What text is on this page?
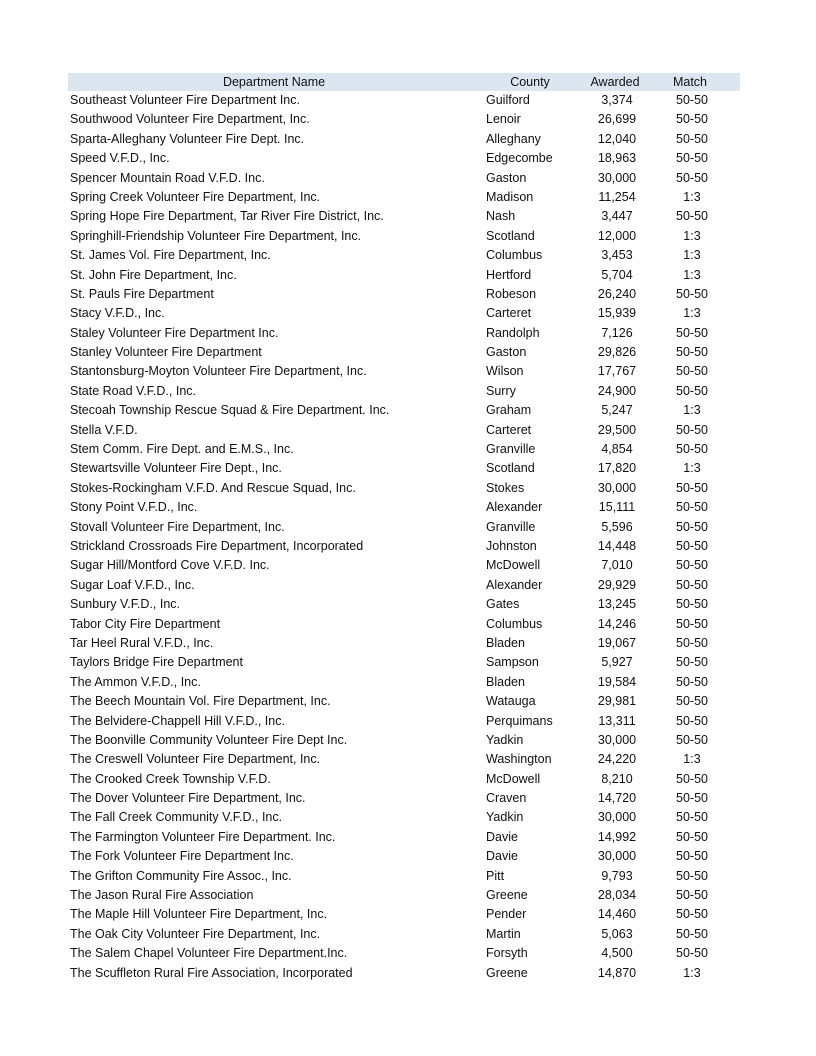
Department Name	County	Awarded	Match
Southeast Volunteer Fire Department Inc.	Guilford	3,374	50-50
Southwood Volunteer Fire Department, Inc.	Lenoir	26,699	50-50
Sparta-Alleghany Volunteer Fire Dept. Inc.	Alleghany	12,040	50-50
Speed V.F.D., Inc.	Edgecombe	18,963	50-50
Spencer Mountain Road V.F.D. Inc.	Gaston	30,000	50-50
Spring Creek Volunteer Fire Department, Inc.	Madison	11,254	1:3
Spring Hope Fire Department, Tar River Fire District, Inc.	Nash	3,447	50-50
Springhill-Friendship Volunteer Fire Department, Inc.	Scotland	12,000	1:3
St. James Vol. Fire Department, Inc.	Columbus	3,453	1:3
St. John Fire Department, Inc.	Hertford	5,704	1:3
St. Pauls Fire Department	Robeson	26,240	50-50
Stacy V.F.D., Inc.	Carteret	15,939	1:3
Staley Volunteer Fire Department Inc.	Randolph	7,126	50-50
Stanley Volunteer Fire Department	Gaston	29,826	50-50
Stantonsburg-Moyton Volunteer Fire Department, Inc.	Wilson	17,767	50-50
State Road V.F.D., Inc.	Surry	24,900	50-50
Stecoah Township Rescue Squad & Fire Department. Inc.	Graham	5,247	1:3
Stella V.F.D.	Carteret	29,500	50-50
Stem Comm. Fire Dept. and E.M.S., Inc.	Granville	4,854	50-50
Stewartsville Volunteer Fire Dept., Inc.	Scotland	17,820	1:3
Stokes-Rockingham V.F.D. And Rescue Squad, Inc.	Stokes	30,000	50-50
Stony Point V.F.D., Inc.	Alexander	15,111	50-50
Stovall Volunteer Fire Department, Inc.	Granville	5,596	50-50
Strickland Crossroads Fire Department, Incorporated	Johnston	14,448	50-50
Sugar Hill/Montford Cove V.F.D. Inc.	McDowell	7,010	50-50
Sugar Loaf V.F.D., Inc.	Alexander	29,929	50-50
Sunbury V.F.D., Inc.	Gates	13,245	50-50
Tabor City Fire Department	Columbus	14,246	50-50
Tar Heel Rural V.F.D., Inc.	Bladen	19,067	50-50
Taylors Bridge Fire Department	Sampson	5,927	50-50
The Ammon V.F.D., Inc.	Bladen	19,584	50-50
The Beech Mountain Vol. Fire Department, Inc.	Watauga	29,981	50-50
The Belvidere-Chappell Hill V.F.D., Inc.	Perquimans	13,311	50-50
The Boonville Community Volunteer Fire Dept Inc.	Yadkin	30,000	50-50
The Creswell Volunteer Fire Department, Inc.	Washington	24,220	1:3
The Crooked Creek Township V.F.D.	McDowell	8,210	50-50
The Dover Volunteer Fire Department, Inc.	Craven	14,720	50-50
The Fall Creek Community V.F.D., Inc.	Yadkin	30,000	50-50
The Farmington Volunteer Fire Department. Inc.	Davie	14,992	50-50
The Fork Volunteer Fire Department Inc.	Davie	30,000	50-50
The Grifton Community Fire Assoc., Inc.	Pitt	9,793	50-50
The Jason Rural Fire Association	Greene	28,034	50-50
The Maple Hill Volunteer Fire Department, Inc.	Pender	14,460	50-50
The Oak City Volunteer Fire Department, Inc.	Martin	5,063	50-50
The Salem Chapel Volunteer Fire Department.Inc.	Forsyth	4,500	50-50
The Scuffleton Rural Fire Association, Incorporated	Greene	14,870	1:3
